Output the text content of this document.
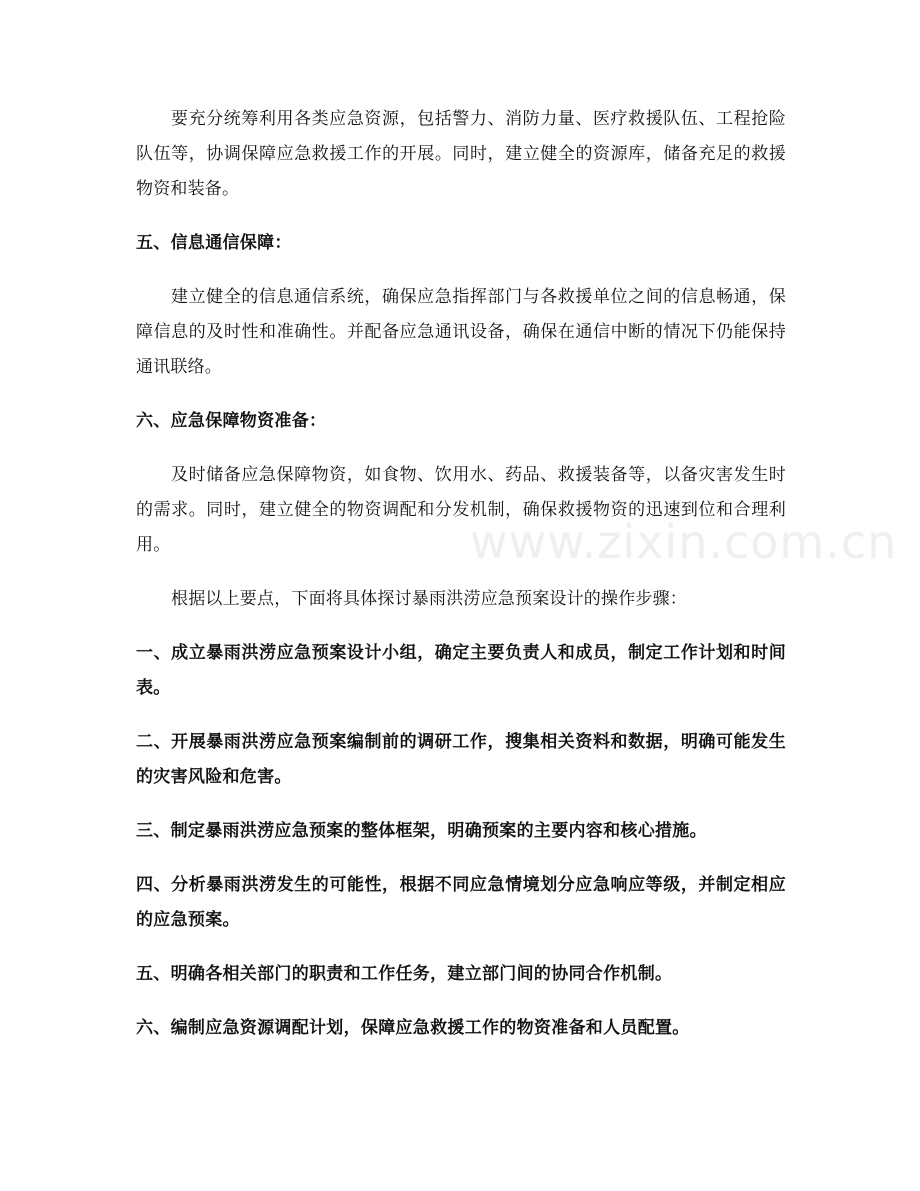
要充分统筹利用各类应急资源，包括警力、消防力量、医疗救援队伍、工程抢险队伍等，协调保障应急救援工作的开展。同时，建立健全的资源库，储备充足的救援物资和装备。

五、信息通信保障：

建立健全的信息通信系统，确保应急指挥部门与各救援单位之间的信息畅通，保障信息的及时性和准确性。并配备应急通讯设备，确保在通信中断的情况下仍能保持通讯联络。

六、应急保障物资准备：

及时储备应急保障物资，如食物、饮用水、药品、救援装备等，以备灾害发生时的需求。同时，建立健全的物资调配和分发机制，确保救援物资的迅速到位和合理利用。

根据以上要点，下面将具体探讨暴雨洪涝应急预案设计的操作步骤：

一、成立暴雨洪涝应急预案设计小组，确定主要负责人和成员，制定工作计划和时间表。

二、开展暴雨洪涝应急预案编制前的调研工作，搜集相关资料和数据，明确可能发生的灾害风险和危害。

三、制定暴雨洪涝应急预案的整体框架，明确预案的主要内容和核心措施。

四、分析暴雨洪涝发生的可能性，根据不同应急情境划分应急响应等级，并制定相应的应急预案。

五、明确各相关部门的职责和工作任务，建立部门间的协同合作机制。

六、编制应急资源调配计划，保障应急救援工作的物资准备和人员配置。

www.zixin.com.cn
